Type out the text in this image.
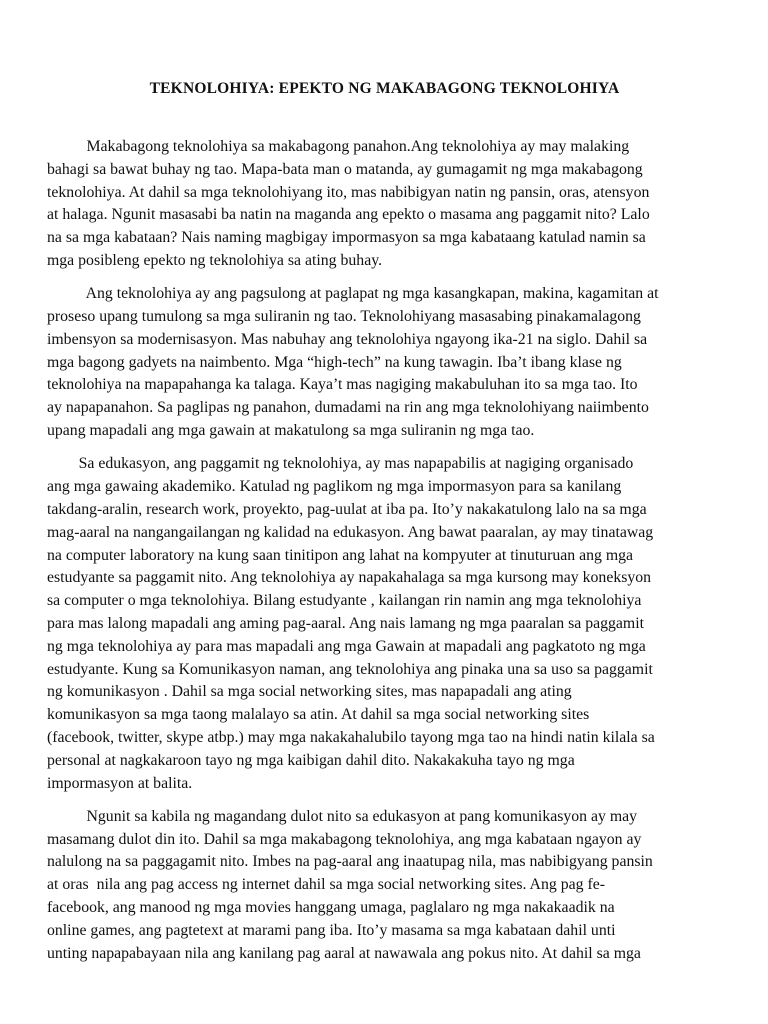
TEKNOLOHIYA: EPEKTO NG MAKABAGONG TEKNOLOHIYA
Makabagong teknolohiya sa makabagong panahon.Ang teknolohiya ay may malaking
bahagi sa bawat buhay ng tao. Mapa-bata man o matanda, ay gumagamit ng mga makabagong
teknolohiya. At dahil sa mga teknolohiyang ito, mas nabibigyan natin ng pansin, oras, atensyon
at halaga. Ngunit masasabi ba natin na maganda ang epekto o masama ang paggamit nito? Lalo
na sa mga kabataan? Nais naming magbigay impormasyon sa mga kabataang katulad namin sa
mga posibleng epekto ng teknolohiya sa ating buhay.
Ang teknolohiya ay ang pagsulong at paglapat ng mga kasangkapan, makina, kagamitan at
proseso upang tumulong sa mga suliranin ng tao. Teknolohiyang masasabing pinakamalagong
imbensyon sa modernisasyon. Mas nabuhay ang teknolohiya ngayong ika-21 na siglo. Dahil sa
mga bagong gadyets na naimbento. Mga “high-tech” na kung tawagin. Iba’t ibang klase ng
teknolohiya na mapapahanga ka talaga. Kaya’t mas nagiging makabuluhan ito sa mga tao. Ito
ay napapanahon. Sa paglipas ng panahon, dumadami na rin ang mga teknolohiyang naiimbento
upang mapadali ang mga gawain at makatulong sa mga suliranin ng mga tao.
Sa edukasyon, ang paggamit ng teknolohiya, ay mas napapabilis at nagiging organisado
ang mga gawaing akademiko. Katulad ng paglikom ng mga impormasyon para sa kanilang
takdang-aralin, research work, proyekto, pag-uulat at iba pa. Ito’y nakakatulong lalo na sa mga
mag-aaral na nangangailangan ng kalidad na edukasyon. Ang bawat paaralan, ay may tinatawag
na computer laboratory na kung saan tinitipon ang lahat na kompyuter at tinuturuan ang mga
estudyante sa paggamit nito. Ang teknolohiya ay napakahalaga sa mga kursong may koneksyon
sa computer o mga teknolohiya. Bilang estudyante , kailangan rin namin ang mga teknolohiya
para mas lalong mapadali ang aming pag-aaral. Ang nais lamang ng mga paaralan sa paggamit
ng mga teknolohiya ay para mas mapadali ang mga Gawain at mapadali ang pagkatoto ng mga
estudyante. Kung sa Komunikasyon naman, ang teknolohiya ang pinaka una sa uso sa paggamit
ng komunikasyon . Dahil sa mga social networking sites, mas napapadali ang ating
komunikasyon sa mga taong malalayo sa atin. At dahil sa mga social networking sites
(facebook, twitter, skype atbp.) may mga nakakahalubilo tayong mga tao na hindi natin kilala sa
personal at nagkakaroon tayo ng mga kaibigan dahil dito. Nakakakuha tayo ng mga
impormasyon at balita.
Ngunit sa kabila ng magandang dulot nito sa edukasyon at pang komunikasyon ay may
masamang dulot din ito. Dahil sa mga makabagong teknolohiya, ang mga kabataan ngayon ay
nalulong na sa paggagamit nito. Imbes na pag-aaral ang inaatupag nila, mas nabibigyang pansin
at oras  nila ang pag access ng internet dahil sa mga social networking sites. Ang pag fe-
facebook, ang manood ng mga movies hanggang umaga, paglalaro ng mga nakakaadik na
online games, ang pagtetext at marami pang iba. Ito’y masama sa mga kabataan dahil unti
unting napapabayaan nila ang kanilang pag aaral at nawawala ang pokus nito. At dahil sa mga
